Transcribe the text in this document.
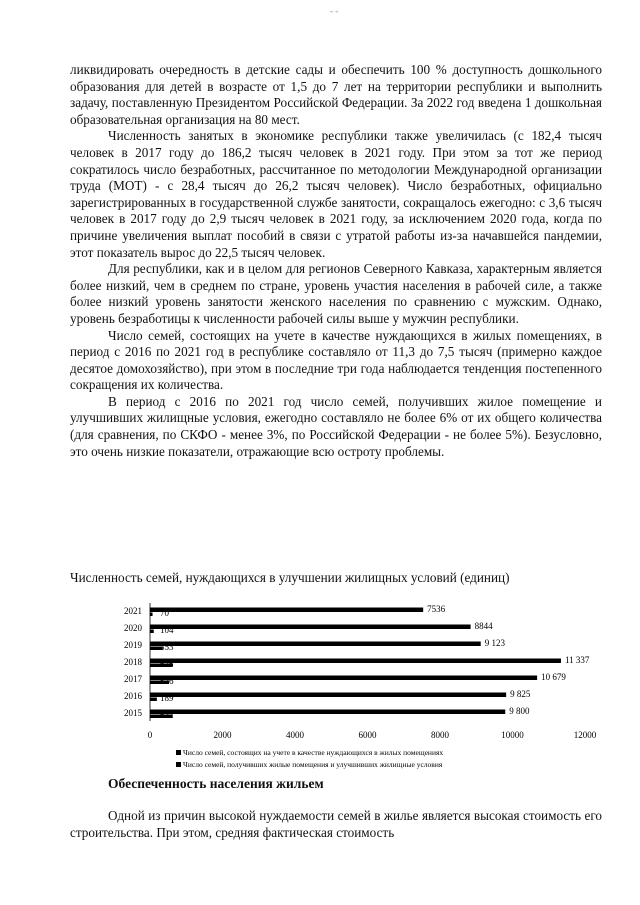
- -

ликвидировать очередность в детские сады и обеспечить 100 % доступность дошкольного образования для детей в возрасте от 1,5 до 7 лет на территории республики и выполнить задачу, поставленную Президентом Российской Федерации. За 2022 год введена 1 дошкольная образовательная организация на 80 мест.

Численность занятых в экономике республики также увеличилась (с 182,4 тысяч человек в 2017 году до 186,2 тысяч человек в 2021 году. При этом за тот же период сократилось число безработных, рассчитанное по методологии Международной организации труда (МОТ) - с 28,4 тысяч до 26,2 тысяч человек). Число безработных, официально зарегистрированных в государственной службе занятости, сокращалось ежегодно: с 3,6 тысяч человек в 2017 году до 2,9 тысяч человек в 2021 году, за исключением 2020 года, когда по причине увеличения выплат пособий в связи с утратой работы из-за начавшейся пандемии, этот показатель вырос до 22,5 тысяч человек.

Для республики, как и в целом для регионов Северного Кавказа, характерным является более низкий, чем в среднем по стране, уровень участия населения в рабочей силе, а также более низкий уровень занятости женского населения по сравнению с мужским. Однако, уровень безработицы к численности рабочей силы выше у мужчин республики.

Число семей, состоящих на учете в качестве нуждающихся в жилых помещениях, в период с 2016 по 2021 год в республике составляло от 11,3 до 7,5 тысяч (примерно каждое десятое домохозяйство), при этом в последние три года наблюдается тенденция постепенного сокращения их количества.

В период с 2016 по 2021 год число семей, получивших жилое помещение и улучшивших жилищные условия, ежегодно составляло не более 6% от их общего количества (для сравнения, по СКФО - менее 3%, по Российской Федерации - не более 5%). Безусловно, это очень низкие показатели, отражающие всю остроту проблемы.

Численность семей, нуждающихся в улучшении жилищных условий (единиц)
2021	7536
70
2020	8844
104
2019	9 123
353
2018	11 337
625
2017	10 679
526
2016	9 825
189
2015	9 800
627
0	2000	4000	6000	8000	10000	12000
Число семей, состоящих на учете в качестве нуждающихся в жилых помещениях
Число семей, получивших жилые помещения и улучшивших жилищные условия
Обеспеченность населения жильем

Одной из причин высокой нуждаемости семей в жилье является высокая стоимость его строительства. При этом, средняя фактическая стоимость
